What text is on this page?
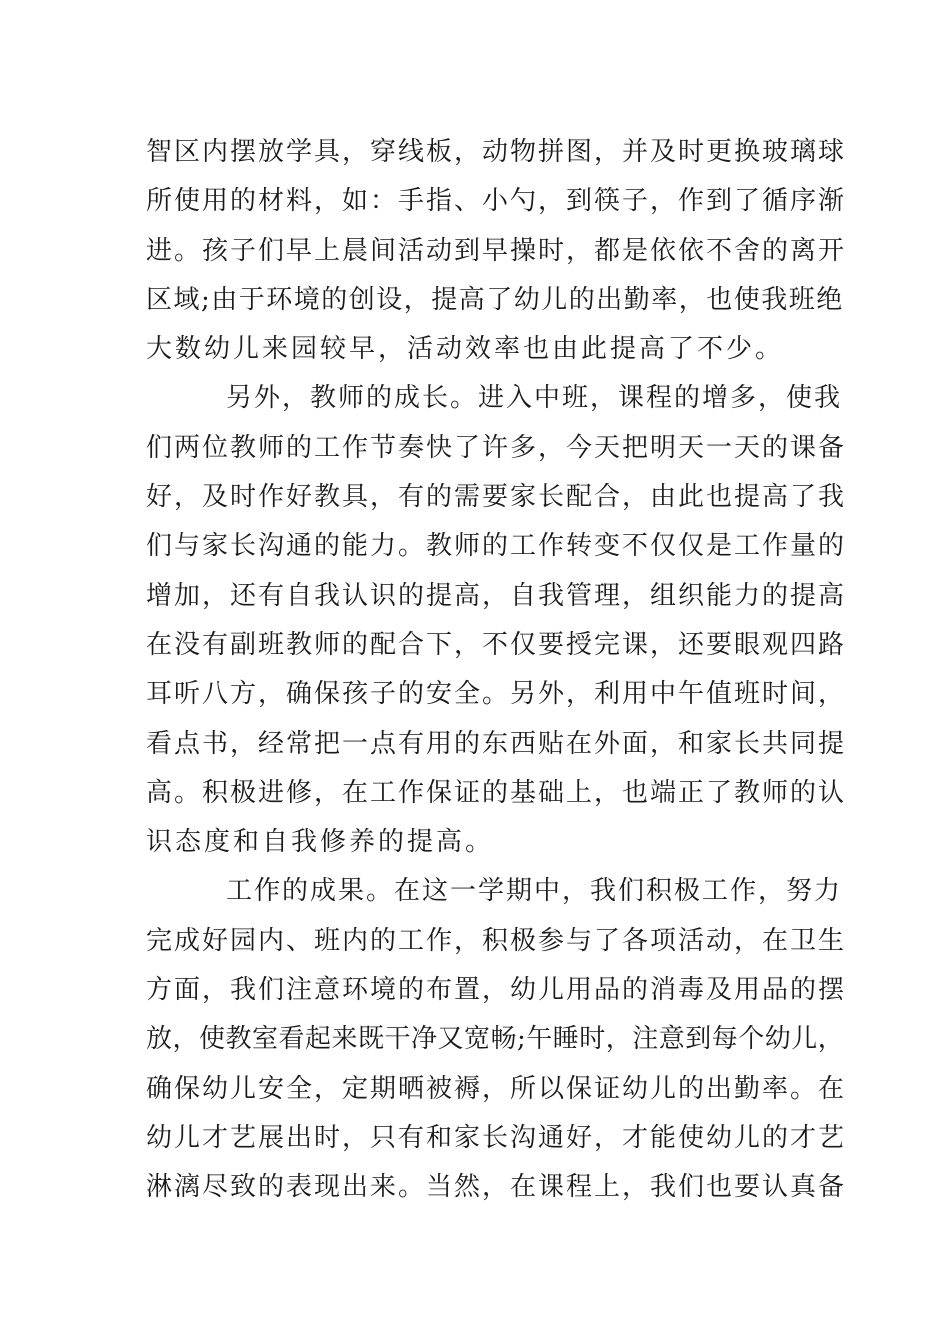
智区内摆放学具，穿线板，动物拼图，并及时更换玻璃球
所使用的材料，如：手指、小勺，到筷子，作到了循序渐
进。孩子们早上晨间活动到早操时，都是依依不舍的离开
区域;由于环境的创设，提高了幼儿的出勤率，也使我班绝
大数幼儿来园较早，活动效率也由此提高了不少。
另外，教师的成长。进入中班，课程的增多，使我
们两位教师的工作节奏快了许多，今天把明天一天的课备
好，及时作好教具，有的需要家长配合，由此也提高了我
们与家长沟通的能力。教师的工作转变不仅仅是工作量的
增加，还有自我认识的提高，自我管理，组织能力的提高
在没有副班教师的配合下，不仅要授完课，还要眼观四路
耳听八方，确保孩子的安全。另外，利用中午值班时间，
看点书，经常把一点有用的东西贴在外面，和家长共同提
高。积极进修，在工作保证的基础上，也端正了教师的认
识态度和自我修养的提高。
工作的成果。在这一学期中，我们积极工作，努力
完成好园内、班内的工作，积极参与了各项活动，在卫生
方面，我们注意环境的布置，幼儿用品的消毒及用品的摆
放，使教室看起来既干净又宽畅;午睡时，注意到每个幼儿，
确保幼儿安全，定期晒被褥，所以保证幼儿的出勤率。在
幼儿才艺展出时，只有和家长沟通好，才能使幼儿的才艺
淋漓尽致的表现出来。当然，在课程上，我们也要认真备
